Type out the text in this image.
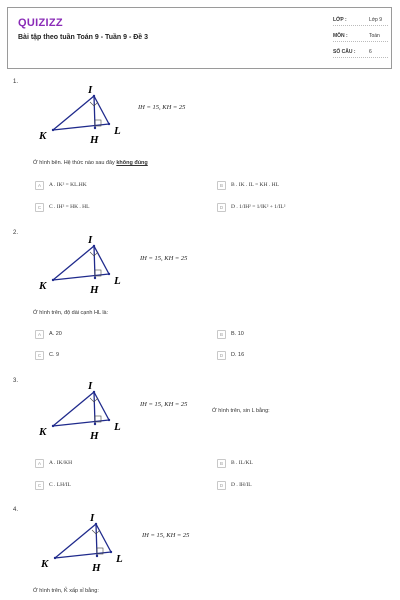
QUIZIZZ
Bài tập theo tuần Toán 9 - Tuần 9 - Đề 3
LỚP :	Lớp 9
MÔN :	Toán
SỐ CÂU :	6
1.
I
K	L
H
IH = 15, KH = 25
Ở hình bên. Hệ thức nào sau đây không đúng
A	A . IK² = KL.HK	B	B . IK . IL = KH . HL
C	C . IH² = HK . HL	D	D . 1/IH² = 1/IK² + 1/IL²
2.
I
K	L
H
IH = 15, KH = 25
Ở hình trên, độ dài cạnh HL là:
A	A. 20	B	B. 10
C	C. 9	D	D. 16
3.	I
K	L
H
IH = 15, KH = 25
Ở hình trên, sin L bằng:
A	A . IK/KH	B	B . IL/KL
C	C . LH/IL	D	D . IH/IL
4.
I
K	L
H
IH = 15, KH = 25
Ở hình trên, K̂ xấp xỉ bằng:
